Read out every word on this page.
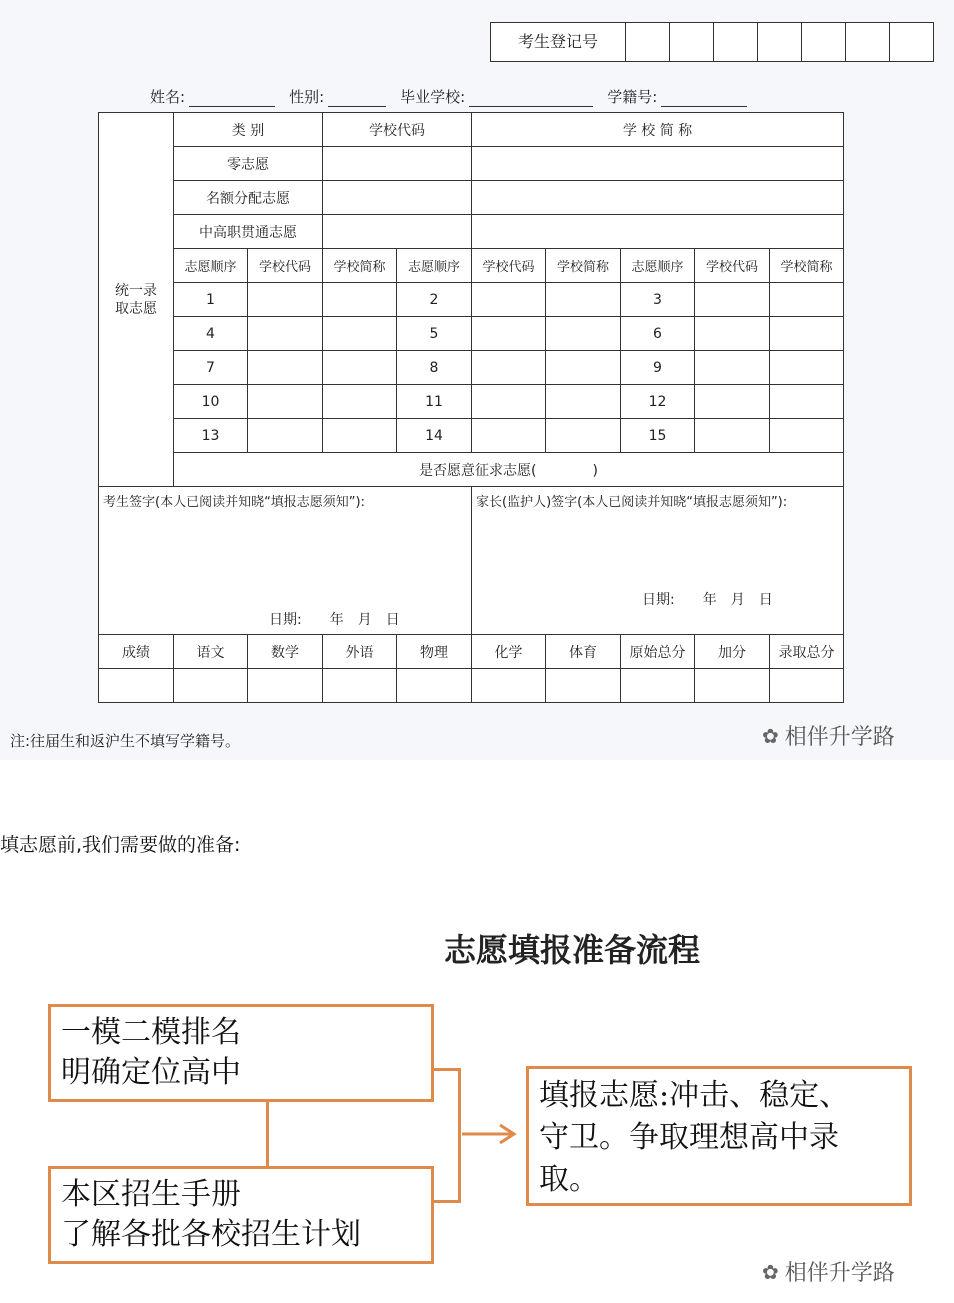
考生登记号
姓名:	性别:	毕业学校:	学籍号:
统一录取志愿	类 别		学校代码		学 校 简 称				
	零志愿								
	名额分配志愿								
	中高职贯通志愿								
	志愿顺序	学校代码	学校简称	志愿顺序	学校代码	学校简称	志愿顺序	学校代码	学校简称
	1			2			3		
	4			5			6		
	7			8			9		
	10			11			12		
	13			14			15		
	是否愿意征求志愿(　　　　)								
考生签字(本人已阅读并知晓“填报志愿须知”):
日期:　　年　月　日					家长(监护人)签字(本人已阅读并知晓“填报志愿须知”):
日期:　　年　月　日				

成绩	语文	数学	外语	物理	化学	体育	原始总分	加分	录取总分

注:往届生和返沪生不填写学籍号。	✿ 相伴升学路
填志愿前,我们需要做的准备:
志愿填报准备流程
一模二模排名
明确定位高中
本区招生手册
了解各批各校招生计划
填报志愿:冲击、稳定、
守卫。争取理想高中录
取。
✿ 相伴升学路
